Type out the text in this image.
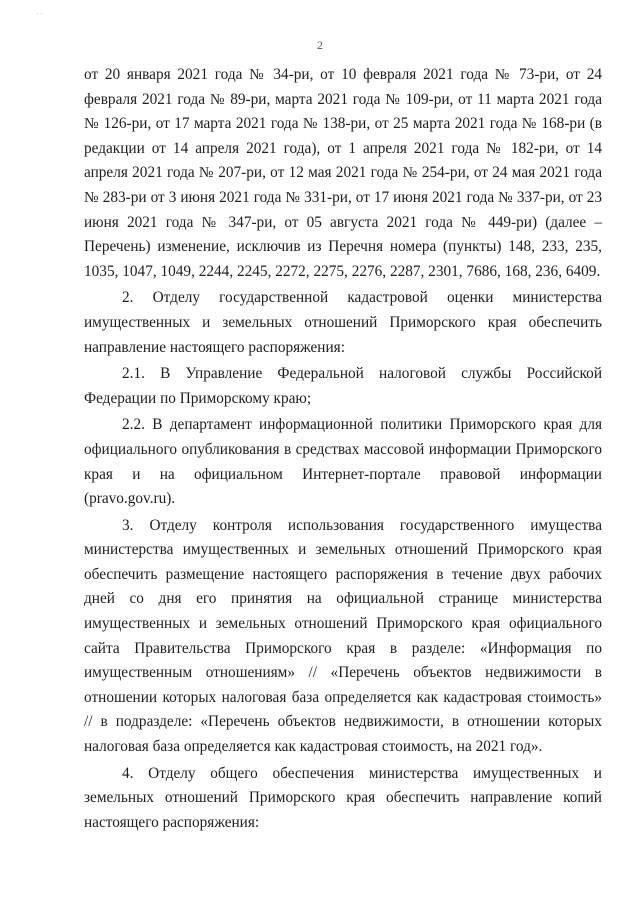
· ·
2

от 20 января 2021 года № 34-ри, от 10 февраля 2021 года № 73-ри, от 24 февраля 2021 года № 89-ри, марта 2021 года № 109-ри, от 11 марта 2021 года № 126-ри, от 17 марта 2021 года № 138-ри, от 25 марта 2021 года № 168-ри (в редакции от 14 апреля 2021 года), от 1 апреля 2021 года № 182-ри, от 14 апреля 2021 года № 207-ри, от 12 мая 2021 года № 254-ри, от 24 мая 2021 года № 283-ри от 3 июня 2021 года № 331-ри, от 17 июня 2021 года № 337-ри, от 23 июня 2021 года № 347-ри, от 05 августа 2021 года № 449-ри) (далее – Перечень) изменение, исключив из Перечня номера (пункты) 148, 233, 235, 1035, 1047, 1049, 2244, 2245, 2272, 2275, 2276, 2287, 2301, 7686, 168, 236, 6409.

2. Отделу государственной кадастровой оценки министерства имущественных и земельных отношений Приморского края обеспечить направление настоящего распоряжения:

2.1. В Управление Федеральной налоговой службы Российской Федерации по Приморскому краю;

2.2. В департамент информационной политики Приморского края для официального опубликования в средствах массовой информации Приморского края и на официальном Интернет-портале правовой информации (pravo.gov.ru).

3. Отделу контроля использования государственного имущества министерства имущественных и земельных отношений Приморского края обеспечить размещение настоящего распоряжения в течение двух рабочих дней со дня его принятия на официальной странице министерства имущественных и земельных отношений Приморского края официального сайта Правительства Приморского края в разделе: «Информация по имущественным отношениям» // «Перечень объектов недвижимости в отношении которых налоговая база определяется как кадастровая стоимость» // в подразделе: «Перечень объектов недвижимости, в отношении которых налоговая база определяется как кадастровая стоимость, на 2021 год».

4. Отделу общего обеспечения министерства имущественных и земельных отношений Приморского края обеспечить направление копий настоящего распоряжения:
